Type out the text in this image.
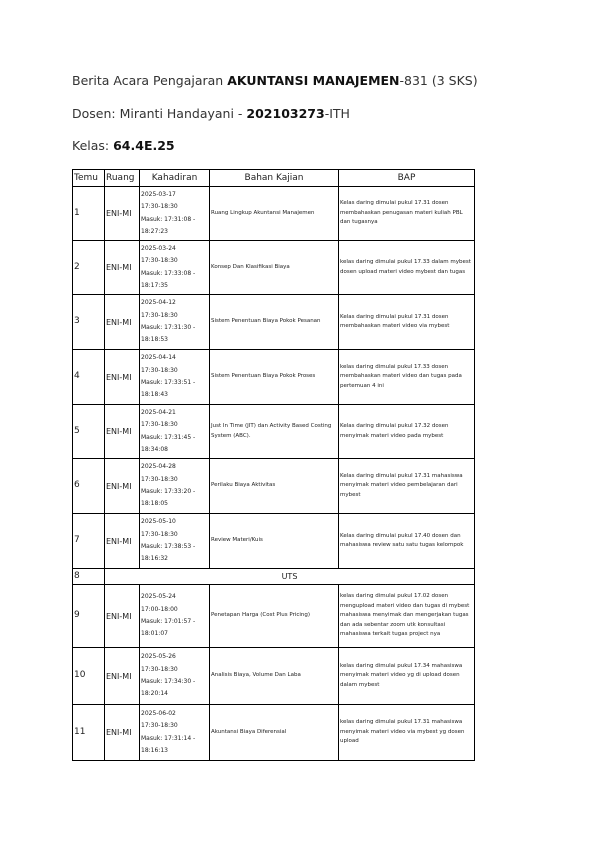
Berita Acara Pengajaran AKUNTANSI MANAJEMEN-831 (3 SKS)
Dosen: Miranti Handayani - 202103273-ITH
Kelas: 64.4E.25
Temu	Ruang	Kahadiran	Bahan Kajian	BAP
1	ENI-MI	2025-03-17
17:30-18:30
Masuk: 17:31:08 -
18:27:23	Ruang Lingkup Akuntansi Manajemen	Kelas daring dimulai pukul 17.31 dosen membahaskan penugasan materi kuliah PBL dan tugasnya
2	ENI-MI	2025-03-24
17:30-18:30
Masuk: 17:33:08 -
18:17:35	Konsep Dan Klasifikasi Biaya	kelas daring dimulai pukul 17.33 dalam mybest dosen upload materi video mybest dan tugas
3	ENI-MI	2025-04-12
17:30-18:30
Masuk: 17:31:30 -
18:18:53	Sistem Penentuan Biaya Pokok Pesanan	Kelas daring dimulai pukul 17.31 dosen membahaskan materi video via mybest
4	ENI-MI	2025-04-14
17:30-18:30
Masuk: 17:33:51 -
18:18:43	Sistem Penentuan Biaya Pokok Proses	kelas daring dimulai pukul 17.33 dosen membahaskan materi video dan tugas pada pertemuan 4 ini
5	ENI-MI	2025-04-21
17:30-18:30
Masuk: 17:31:45 -
18:34:08	Just In Time (JIT) dan Activity Based Costing System (ABC).	Kelas daring dimulai pukul 17.32 dosen menyimak materi video pada mybest
6	ENI-MI	2025-04-28
17:30-18:30
Masuk: 17:33:20 -
18:18:05	Perilaku Biaya Aktivitas	Kelas daring dimulai pukul 17.31 mahasiswa menyimak materi video pembelajaran dari mybest
7	ENI-MI	2025-05-10
17:30-18:30
Masuk: 17:38:53 -
18:16:32	Review Materi/Kuis	Kelas daring dimulai pukul 17.40 dosen dan mahasiswa review satu satu tugas kelompok
8	UTS			
9	ENI-MI	2025-05-24
17:00-18:00
Masuk: 17:01:57 -
18:01:07	Penetapan Harga (Cost Plus Pricing)	kelas daring dimulai pukul 17.02 dosen mengupload materi video dan tugas di mybest mahasiswa menyimak dan mengerjakan tugas dan ada sebentar zoom utk konsultasi mahasiswa terkait tugas project nya
10	ENI-MI	2025-05-26
17:30-18:30
Masuk: 17:34:30 -
18:20:14	Analisis Biaya, Volume Dan Laba	kelas daring dimulai pukul 17.34 mahasiswa menyimak materi video yg di upload dosen dalam mybest
11	ENI-MI	2025-06-02
17:30-18:30
Masuk: 17:31:14 -
18:16:13	Akuntansi Biaya Diferensial	kelas daring dimulai pukul 17.31 mahasiswa menyimak materi video via mybest yg dosen upload
